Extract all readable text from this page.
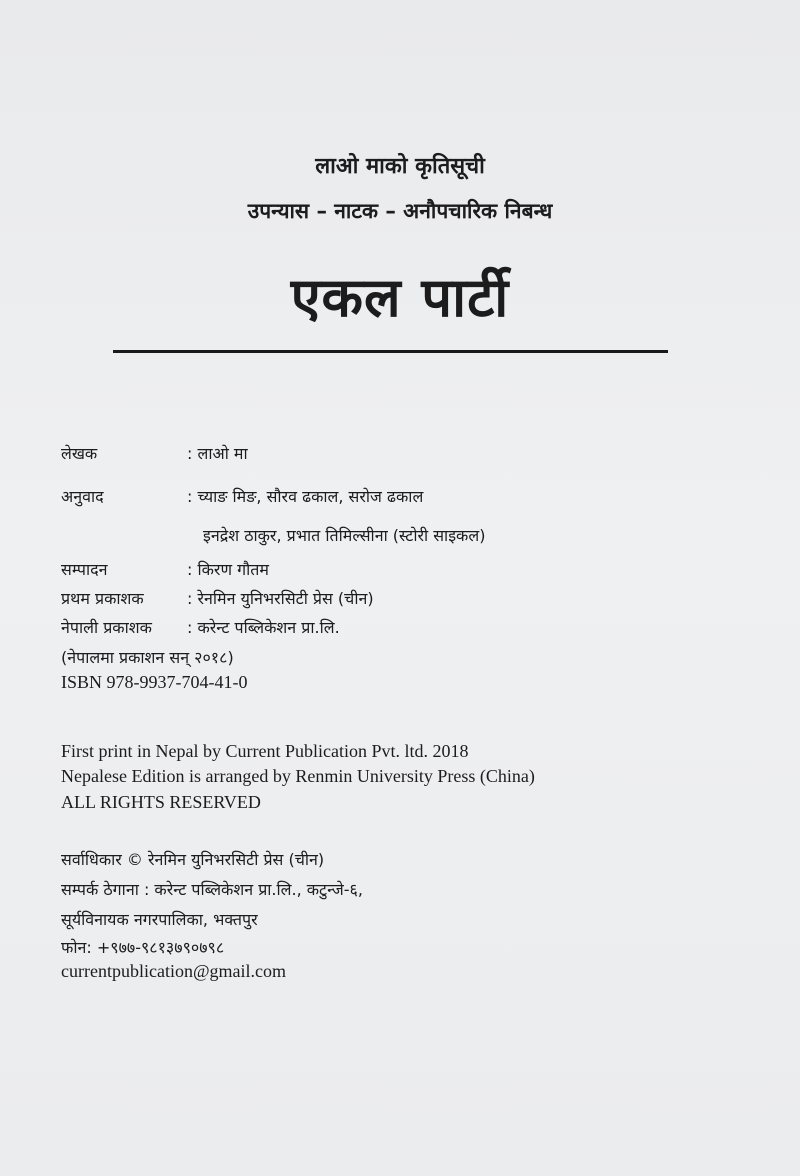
लाओ माको कृतिसूची
उपन्यास – नाटक – अनौपचारिक निबन्ध
एकल पार्टी
लेखक	: लाओ मा
अनुवाद	: च्याङ मिङ, सौरव ढकाल, सरोज ढकाल
इनद्रेश ठाकुर, प्रभात तिमिल्सीना (स्टोरी साइकल)
सम्पादन	: किरण गौतम
प्रथम प्रकाशक	: रेनमिन युनिभरसिटी प्रेस (चीन)
नेपाली प्रकाशक : करेन्ट पब्लिकेशन प्रा.लि.
(नेपालमा प्रकाशन सन् २०१८)
ISBN 978-9937-704-41-0
First print in Nepal by Current Publication Pvt. ltd. 2018
Nepalese Edition is arranged by Renmin University Press (China)
ALL RIGHTS RESERVED
सर्वाधिकार © रेनमिन युनिभरसिटी प्रेस (चीन)
सम्पर्क ठेगाना : करेन्ट पब्लिकेशन प्रा.लि., कटुन्जे-६,
सूर्यविनायक नगरपालिका, भक्तपुर
फोन: +९७७-९८१३७९०७९८
currentpublication@gmail.com
